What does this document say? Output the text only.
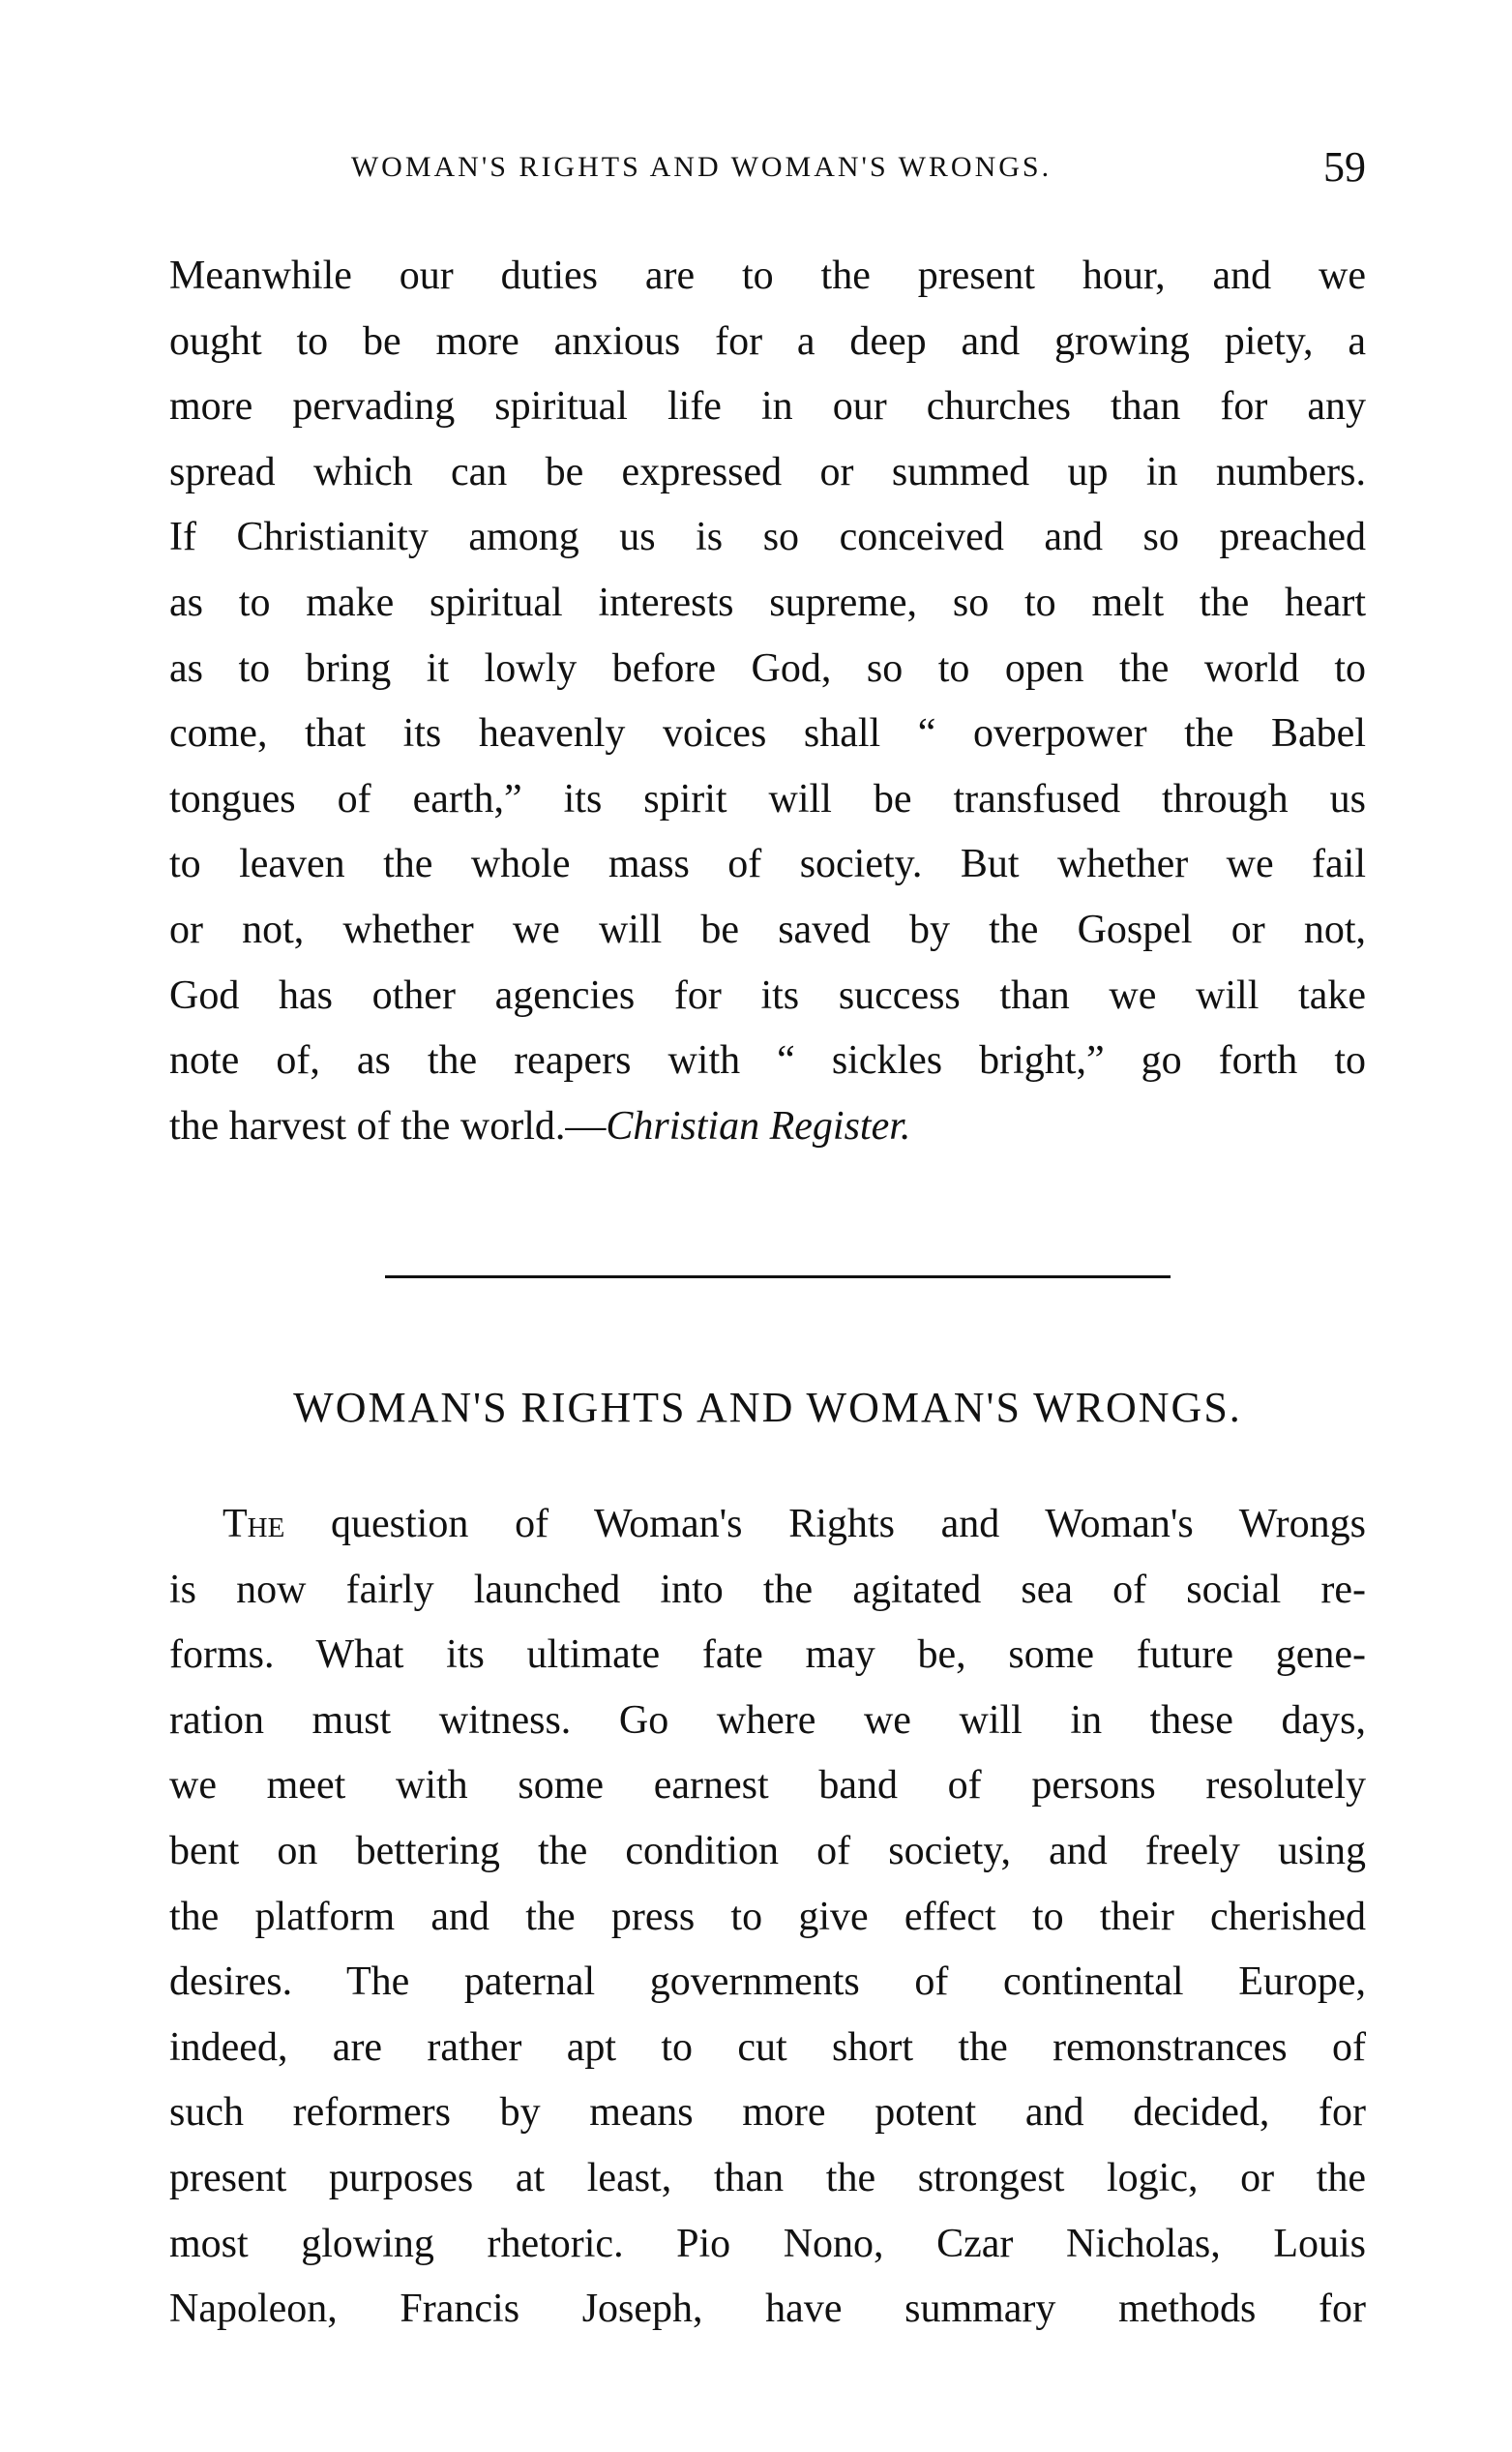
WOMAN'S RIGHTS AND WOMAN'S WRONGS.	59
Meanwhile our duties are to the present hour, and we
ought to be more anxious for a deep and growing piety, a
more pervading spiritual life in our churches than for any
spread which can be expressed or summed up in numbers.
If Christianity among us is so conceived and so preached
as to make spiritual interests supreme, so to melt the heart
as to bring it lowly before God, so to open the world to
come, that its heavenly voices shall “ overpower the Babel
tongues of earth,” its spirit will be transfused through us
to leaven the whole mass of society. But whether we fail
or not, whether we will be saved by the Gospel or not,
God has other agencies for its success than we will take
note of, as the reapers with “ sickles bright,” go forth to
the harvest of the world.—Christian Register.
WOMAN'S RIGHTS AND WOMAN'S WRONGS.
The question of Woman's Rights and Woman's Wrongs
is now fairly launched into the agitated sea of social re-
forms. What its ultimate fate may be, some future gene-
ration must witness. Go where we will in these days,
we meet with some earnest band of persons resolutely
bent on bettering the condition of society, and freely using
the platform and the press to give effect to their cherished
desires. The paternal governments of continental Europe,
indeed, are rather apt to cut short the remonstrances of
such reformers by means more potent and decided, for
present purposes at least, than the strongest logic, or the
most glowing rhetoric. Pio Nono, Czar Nicholas, Louis
Napoleon, Francis Joseph, have summary methods for
